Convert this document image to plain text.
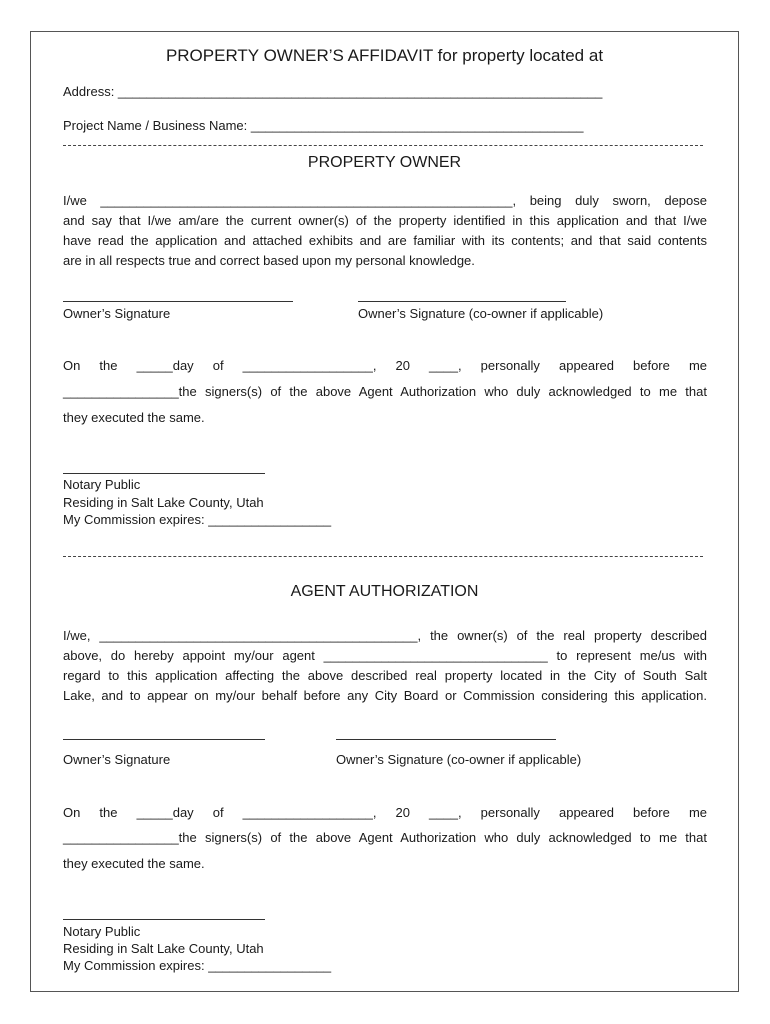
PROPERTY OWNER’S AFFIDAVIT for property located at
Address: ___________________________________________________________________
Project Name / Business Name: ______________________________________________
PROPERTY OWNER
I/we _________________________________________________________, being duly sworn, depose
and say that I/we am/are the current owner(s) of the property identified in this application and that I/we
have read the application and attached exhibits and are familiar with its contents; and that said contents
are in all respects true and correct based upon my personal knowledge.
Owner’s Signature	Owner’s Signature (co-owner if applicable)
On the _____day of __________________, 20 ____, personally appeared before me
________________the signers(s) of the above Agent Authorization who duly acknowledged to me that
they executed the same.
Notary Public
Residing in Salt Lake County, Utah
My Commission expires: _________________
AGENT AUTHORIZATION
I/we, ____________________________________________, the owner(s) of the real property described
above, do hereby appoint my/our agent _______________________________ to represent me/us with
regard to this application affecting the above described real property located in the City of South Salt
Lake, and to appear on my/our behalf before any City Board or Commission considering this application.
Owner’s Signature	Owner’s Signature (co-owner if applicable)
On the _____day of __________________, 20 ____, personally appeared before me
________________the signers(s) of the above Agent Authorization who duly acknowledged to me that
they executed the same.
Notary Public
Residing in Salt Lake County, Utah
My Commission expires: _________________
